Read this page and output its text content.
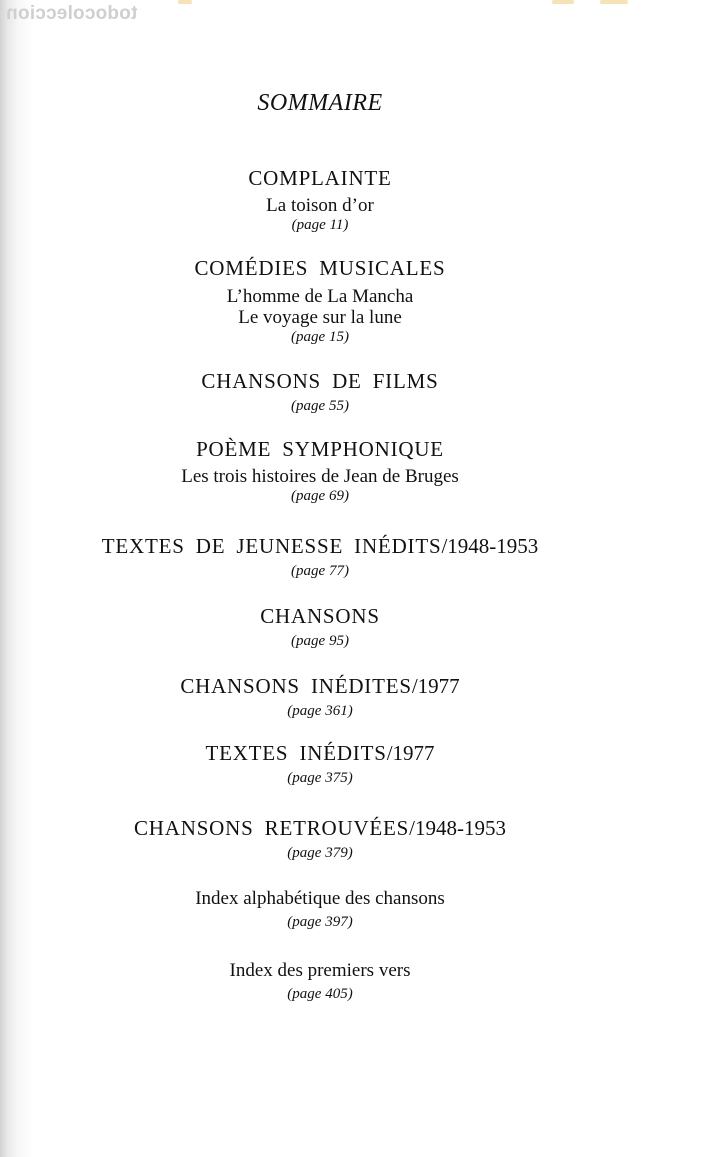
todocoleccion
SOMMAIRE
COMPLAINTE
La toison d’or
(page 11)
COMÉDIES MUSICALES
L’homme de La Mancha
Le voyage sur la lune
(page 15)
CHANSONS DE FILMS
(page 55)
POÈME SYMPHONIQUE
Les trois histoires de Jean de Bruges
(page 69)
TEXTES DE JEUNESSE INÉDITS/1948-1953
(page 77)
CHANSONS
(page 95)
CHANSONS INÉDITES/1977
(page 361)
TEXTES INÉDITS/1977
(page 375)
CHANSONS RETROUVÉES/1948-1953
(page 379)
Index alphabétique des chansons
(page 397)
Index des premiers vers
(page 405)
